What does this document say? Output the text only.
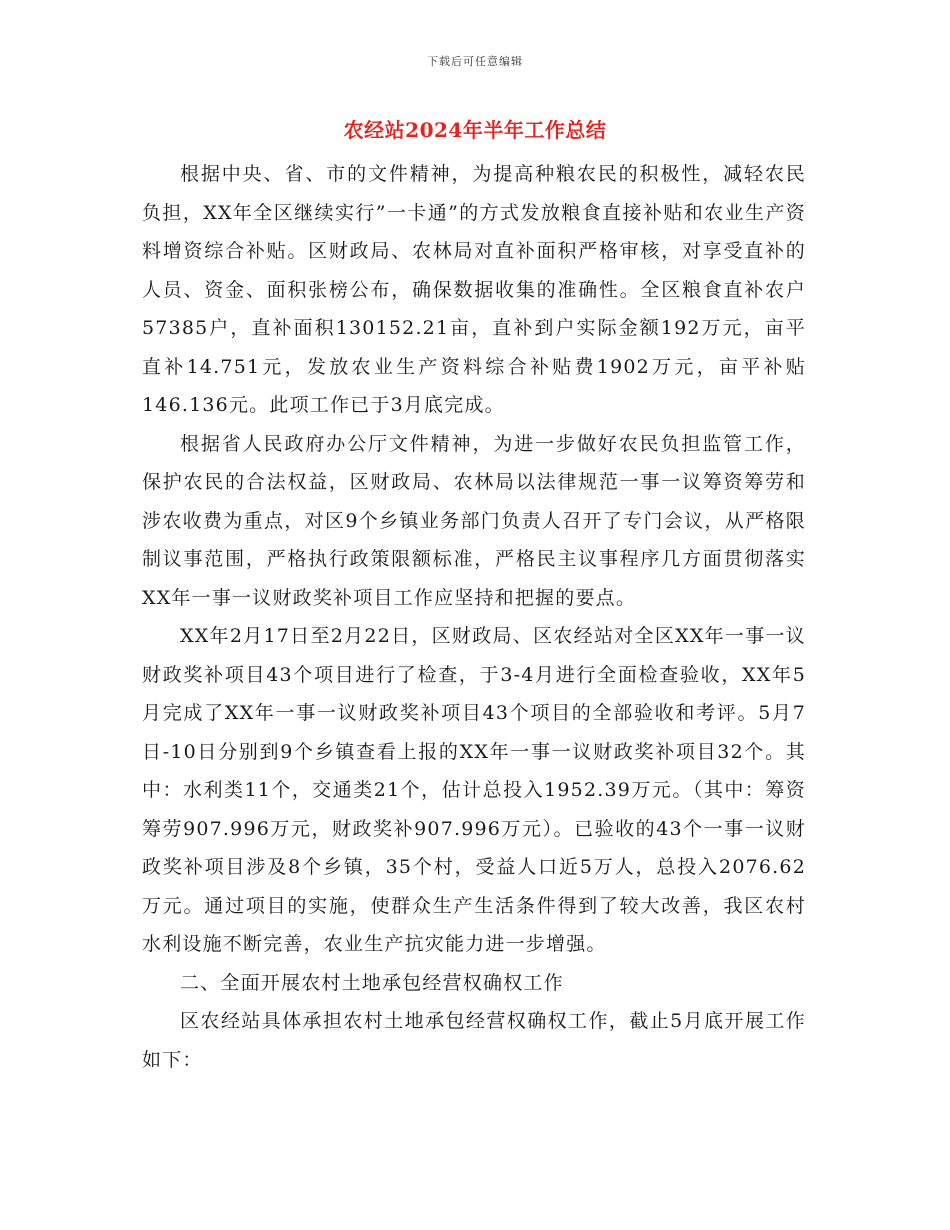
下载后可任意编辑
农经站2024年半年工作总结

根据中央、省、市的文件精神，为提高种粮农民的积极性，减轻农民负担，XX年全区继续实行”一卡通”的方式发放粮食直接补贴和农业生产资料增资综合补贴。区财政局、农林局对直补面积严格审核，对享受直补的人员、资金、面积张榜公布，确保数据收集的准确性。全区粮食直补农户57385户，直补面积130152.21亩，直补到户实际金额192万元，亩平直补14.751元，发放农业生产资料综合补贴费1902万元，亩平补贴146.136元。此项工作已于3月底完成。

根据省人民政府办公厅文件精神，为进一步做好农民负担监管工作，保护农民的合法权益，区财政局、农林局以法律规范一事一议筹资筹劳和涉农收费为重点，对区9个乡镇业务部门负责人召开了专门会议，从严格限制议事范围，严格执行政策限额标准，严格民主议事程序几方面贯彻落实XX年一事一议财政奖补项目工作应坚持和把握的要点。

XX年2月17日至2月22日，区财政局、区农经站对全区XX年一事一议财政奖补项目43个项目进行了检查，于3-4月进行全面检查验收，XX年5月完成了XX年一事一议财政奖补项目43个项目的全部验收和考评。5月7日-10日分别到9个乡镇查看上报的XX年一事一议财政奖补项目32个。其中：水利类11个，交通类21个，估计总投入1952.39万元。（其中：筹资筹劳907.996万元，财政奖补907.996万元）。已验收的43个一事一议财政奖补项目涉及8个乡镇，35个村，受益人口近5万人，总投入2076.62万元。通过项目的实施，使群众生产生活条件得到了较大改善，我区农村水利设施不断完善，农业生产抗灾能力进一步增强。

二、全面开展农村土地承包经营权确权工作

区农经站具体承担农村土地承包经营权确权工作，截止5月底开展工作如下：
